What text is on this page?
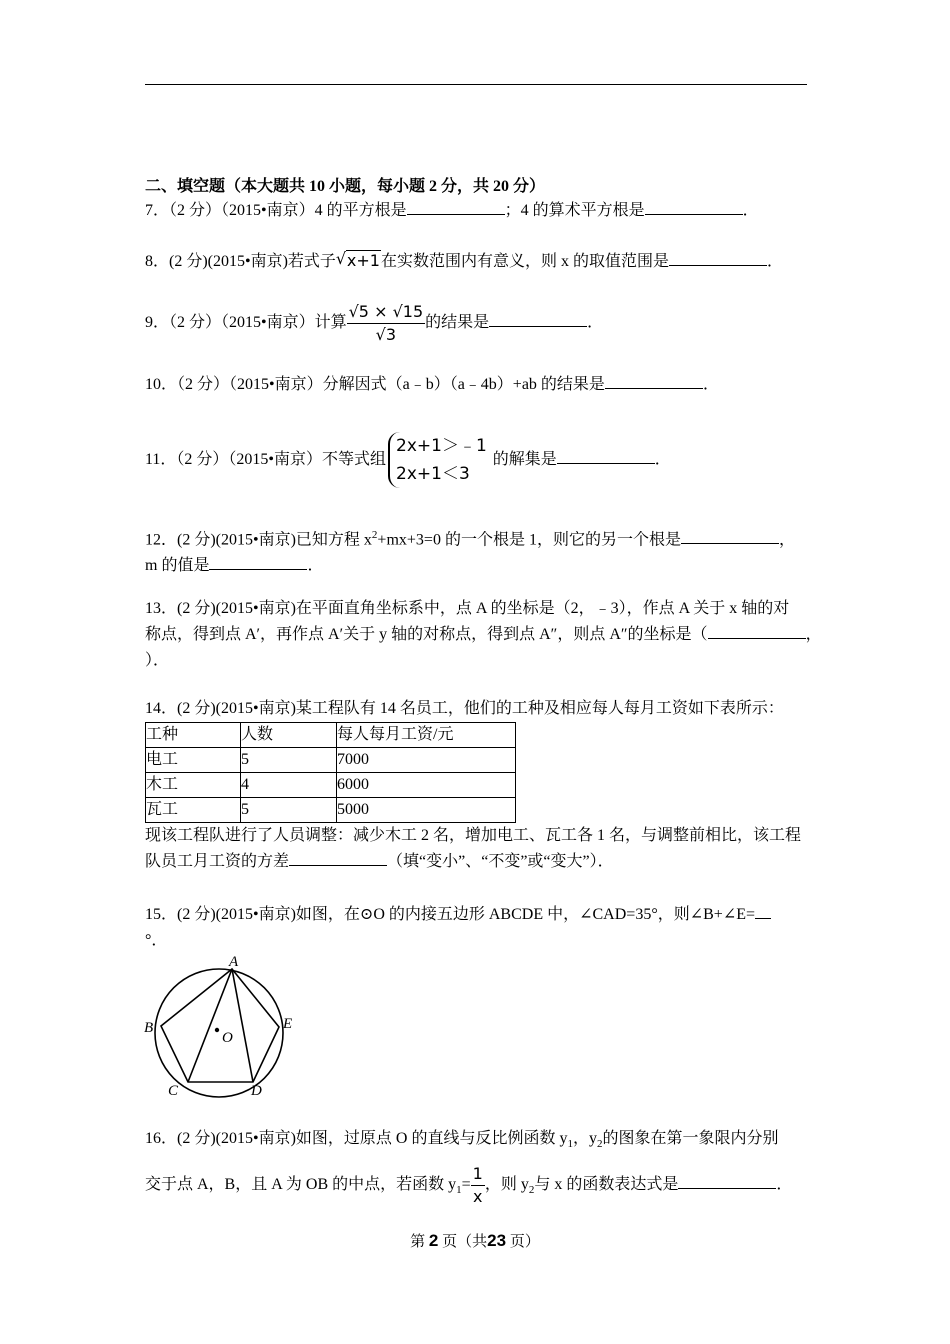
二、填空题（本大题共 10 小题，每小题 2 分，共 20 分）
7．（2 分）（2015•南京）4 的平方根是	；4 的算术平方根是	．
8．(2 分)(2015•南京)若式子 √ x+1在实数范围内有意义，则 x 的取值范围是	．
9．（2 分）（2015•南京）计算 $\frac{√5 \times √15}{√3}$ 的结果是	．
10．（2 分）（2015•南京）分解因式（a﹣b）（a﹣4b）+ab 的结果是	．
11．（2 分）（2015•南京）不等式组
2x+1＞﹣1
2x+1＜3
的解集是	．
12．(2 分)(2015•南京)已知方程 $x^2+mx+3=0$ 的一个根是 1，则它的另一个根是	，
m 的值是	．
13．(2 分)(2015•南京)在平面直角坐标系中，点 A 的坐标是（2，﹣3），作点 A 关于 x 轴的对
称点，得到点 A′，再作点 A′关于 y 轴的对称点，得到点 A″，则点 A″的坐标是（	，
）．
14．(2 分)(2015•南京)某工程队有 14 名员工，他们的工种及相应每人每月工资如下表所示：
工种	人数	每人每月工资/元
电工	5	7000
木工	4	6000
瓦工	5	5000
现该工程队进行了人员调整：减少木工 2 名，增加电工、瓦工各 1 名，与调整前相比，该工程
队员工月工资的方差	（填“变小”、“不变”或“变大”）．
15．(2 分)(2015•南京)如图，在⊙O 的内接五边形 ABCDE 中，∠CAD=35°，则∠B+∠E=
°．
A
B
C	D
E
O
16．(2 分)(2015•南京)如图，过原点 O 的直线与反比例函数 $y_1$，$y_2$的图象在第一象限内分别
交于点 A，B，且 A 为 OB 的中点，若函数 $y_1= \frac{1}{x}$ ，则 $y_2$与 x 的函数表达式是	．
第 2 页（共23 页）
